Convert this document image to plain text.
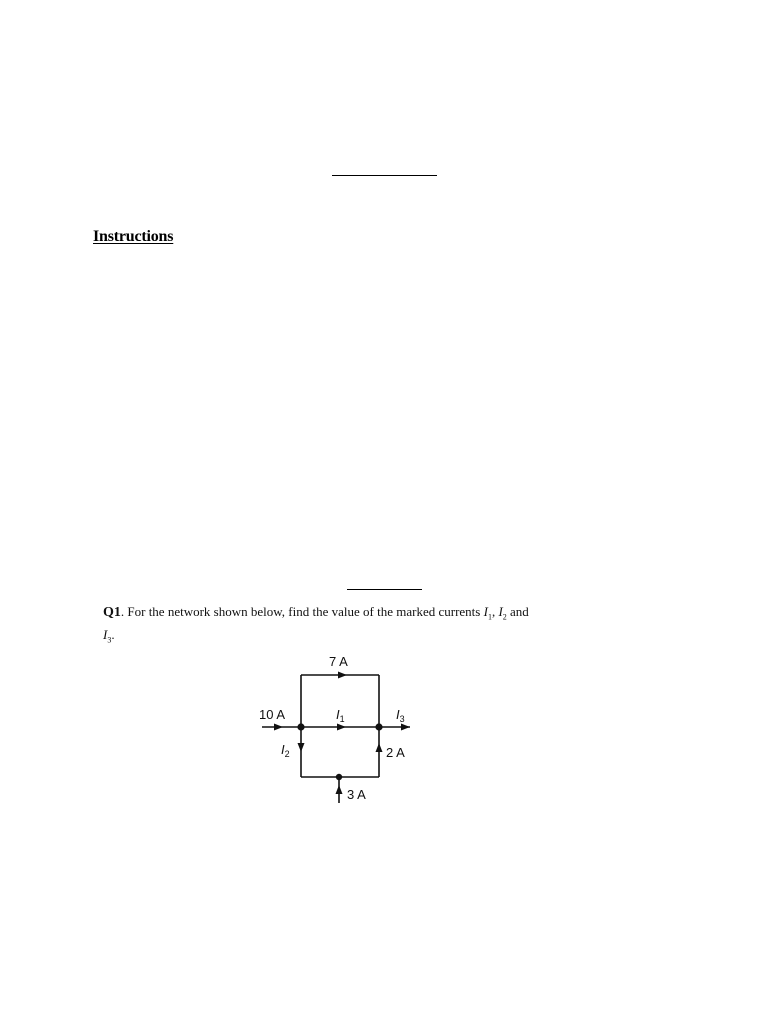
Instructions
Q1. For the network shown below, find the value of the marked currents $I_1$, $I_2$ and
$I_3$.
7 A
10 A	$I_1$	$I_3$
$I_2$	2 A
3 A
